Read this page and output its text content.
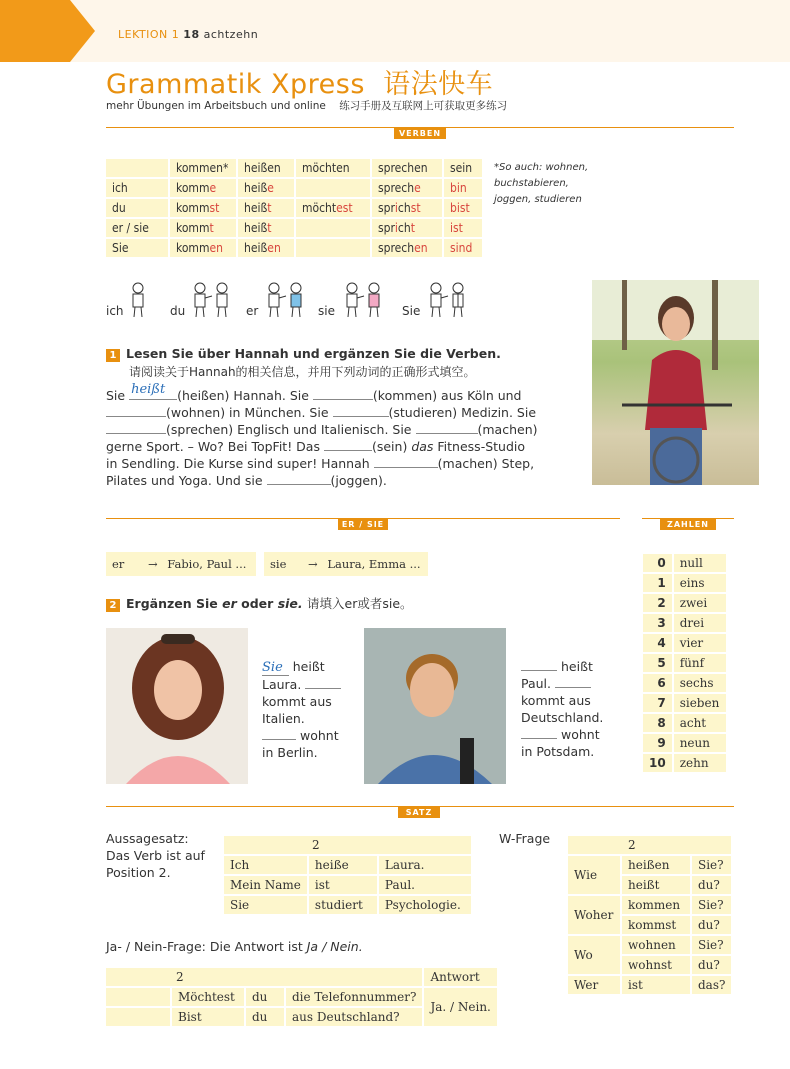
LEKTION 1 18 achtzehn
Grammatik Xpress 语法快车
mehr Übungen im Arbeitsbuch und online 练习手册及互联网上可获取更多练习
VERBEN
	kommen*	heißen	möchten	sprechen	sein
ich	komme	heiße		spreche	bin
du	kommst	heißt	möchtest	sprichst	bist
er / sie	kommt	heißt		spricht	ist
Sie	kommen	heißen		sprechen	sind
*So auch: wohnen, buchstabieren, joggen, studieren
ich	du	er	sie	Sie
1 Lesen Sie über Hannah und ergänzen Sie die Verben.
请阅读关于Hannah的相关信息，并用下列动词的正确形式填空。
Sie heißt (heißen) Hannah. Sie	(kommen) aus Köln und
(wohnen) in München. Sie	(studieren) Medizin. Sie
(sprechen) Englisch und Italienisch. Sie	(machen)
gerne Sport. – Wo? Bei TopFit! Das	(sein) das Fitness-Studio
in Sendling. Die Kurse sind super! Hannah	(machen) Step,
Pilates und Yoga. Und sie	(joggen).
ER / SIE
er → Fabio, Paul ...	sie → Laura, Emma ...
2 Ergänzen Sie er oder sie. 请填入er或者sie。
Sie heißt
Laura.
kommt aus
Italien.
wohnt
in Berlin.
heißt
Paul.
kommt aus
Deutschland.
wohnt
in Potsdam.
ZAHLEN
0	null
1	eins
2	zwei
3	drei
4	vier
5	fünf
6	sechs
7	sieben
8	acht
9	neun
10	zehn
SATZ
Aussagesatz:
Das Verb ist auf
Position 2.
2		
Ich	heiße	Laura.
Mein Name	ist	Paul.
Sie	studiert	Psychologie.
W-Frage	2		
Wie	heißen	Sie?
	heißt	du?
Woher	kommen	Sie?
	kommst	du?
Wo	wohnen	Sie?
	wohnst	du?
Wer	ist	das?
Ja- / Nein-Frage: Die Antwort ist Ja / Nein.
2				Antwort
	Möchtest	du	die Telefonnummer?	Ja. / Nein.
	Bist	du	aus Deutschland?	
